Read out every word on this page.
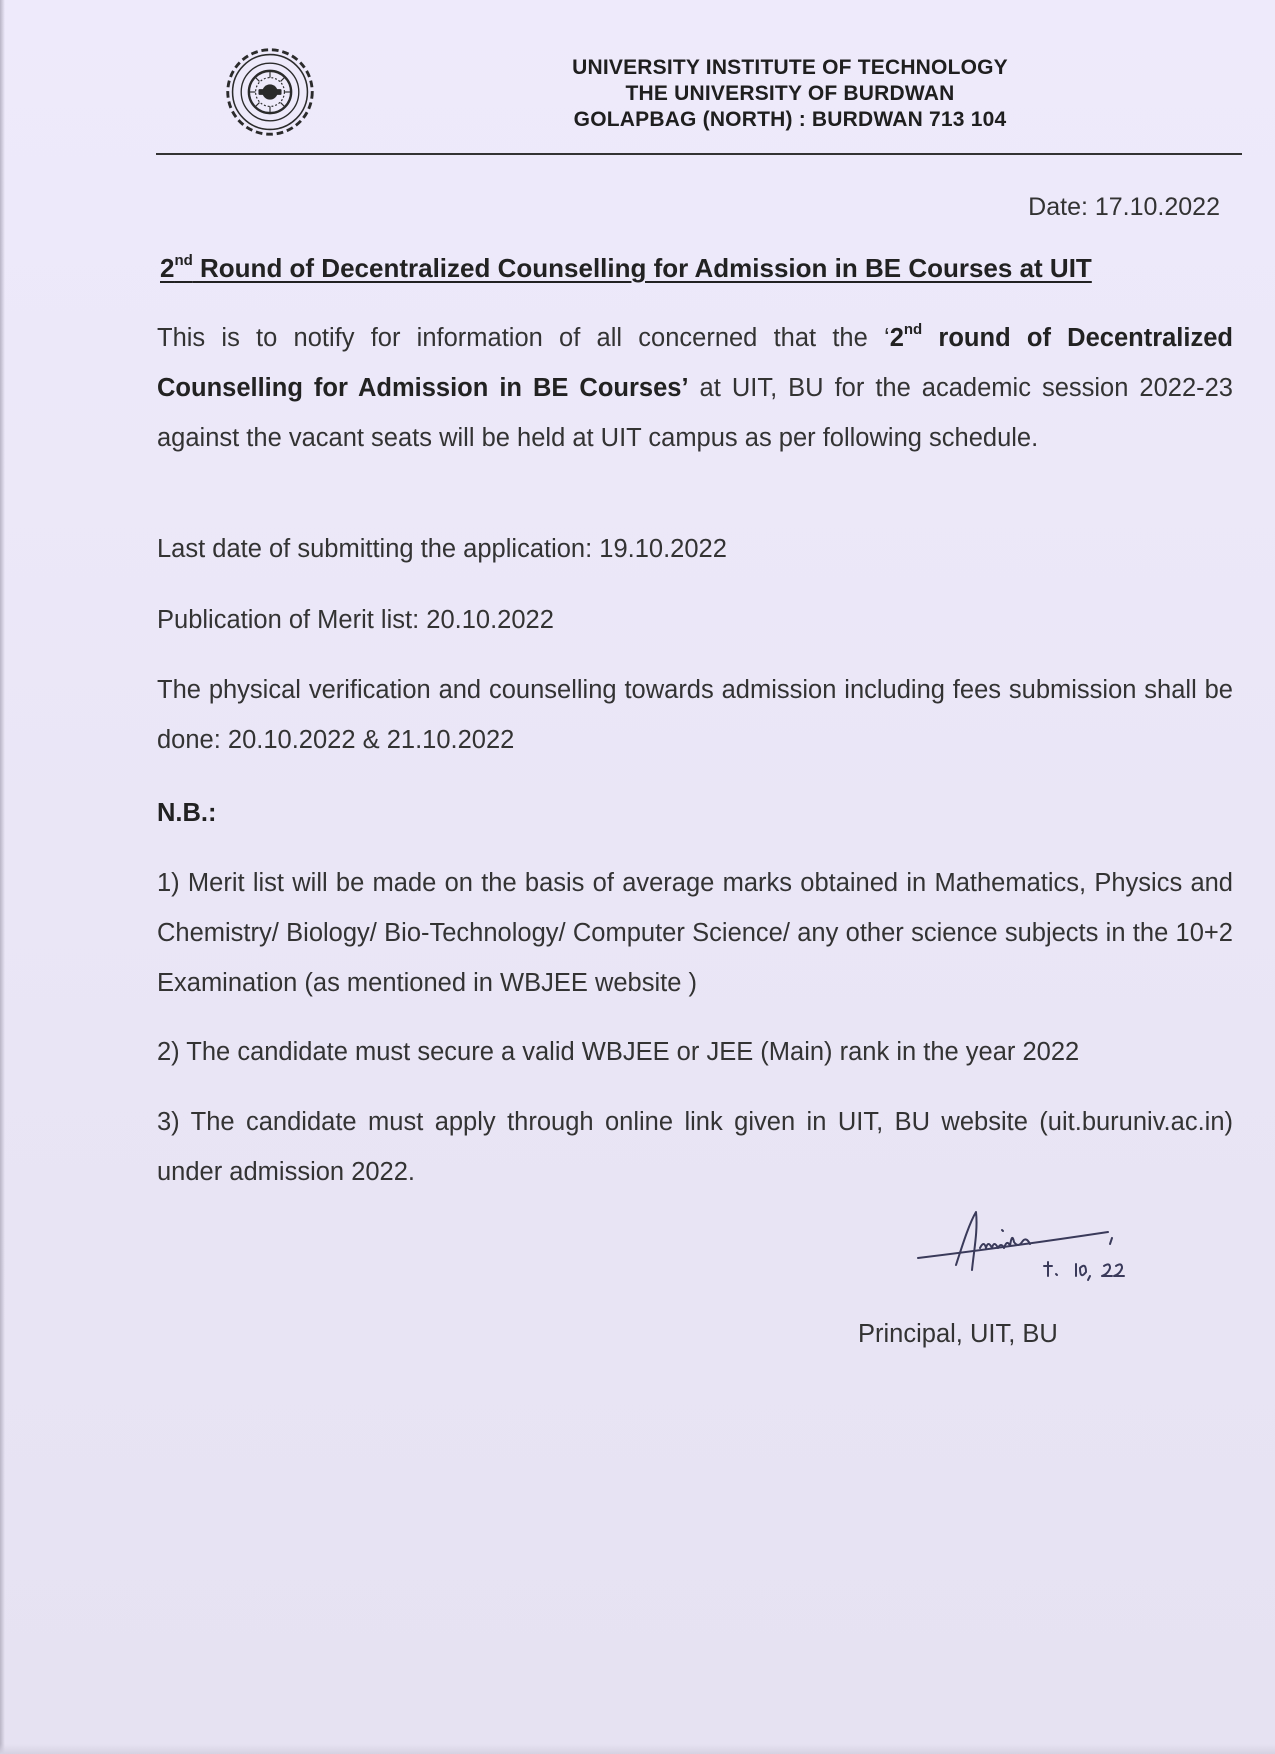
UNIVERSITY INSTITUTE OF TECHNOLOGY
THE UNIVERSITY OF BURDWAN
GOLAPBAG (NORTH) : BURDWAN 713 104
Date: 17.10.2022
2nd Round of Decentralized Counselling for Admission in BE Courses at UIT
This is to notify for information of all concerned that the ‘2nd round of Decentralized Counselling for Admission in BE Courses’ at UIT, BU for the academic session 2022-23 against the vacant seats will be held at UIT campus as per following schedule.
Last date of submitting the application: 19.10.2022
Publication of Merit list: 20.10.2022
The physical verification and counselling towards admission including fees submission shall be done: 20.10.2022 & 21.10.2022
N.B.:
1) Merit list will be made on the basis of average marks obtained in Mathematics, Physics and Chemistry/ Biology/ Bio-Technology/ Computer Science/ any other science subjects in the 10+2 Examination (as mentioned in WBJEE website )
2) The candidate must secure a valid WBJEE or JEE (Main) rank in the year 2022
3) The candidate must apply through online link given in UIT, BU website (uit.buruniv.ac.in) under admission 2022.
Principal, UIT, BU
